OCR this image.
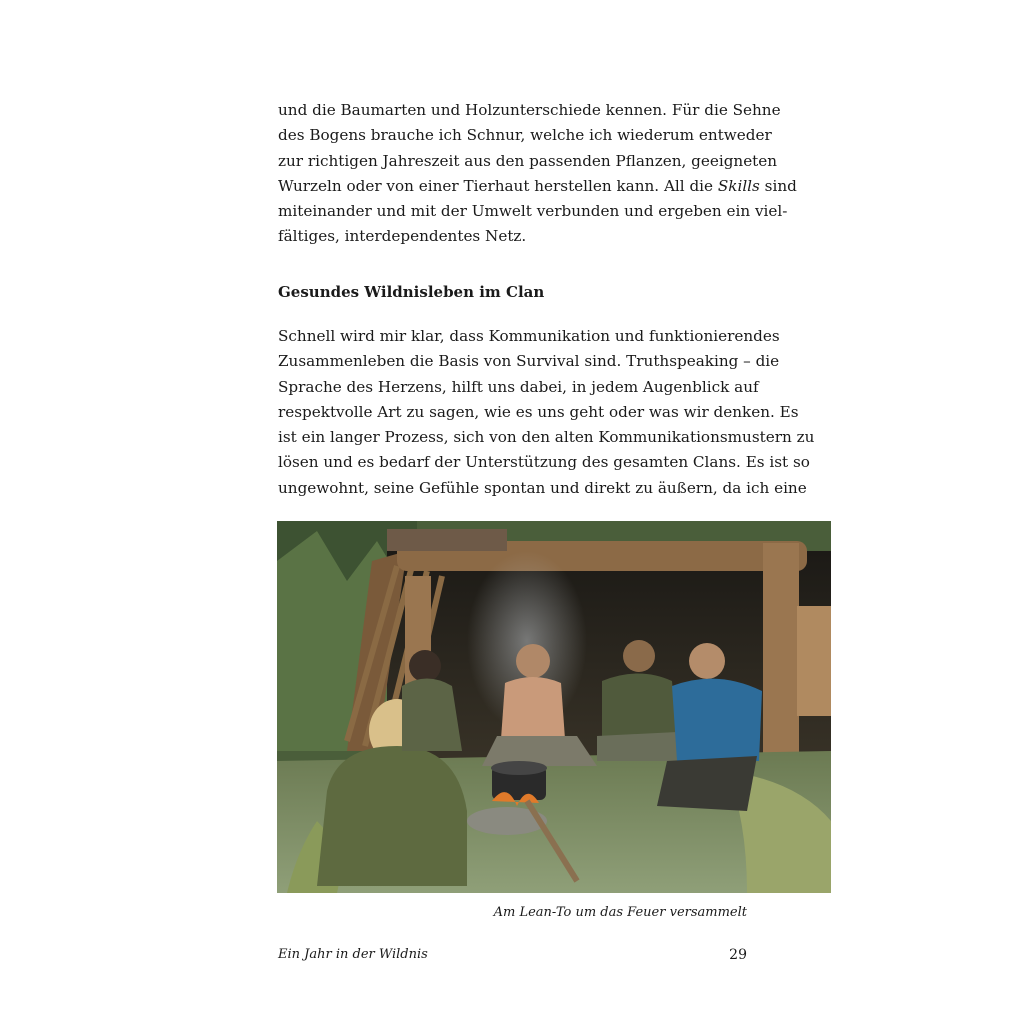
und die Baumarten und Holzunterschiede kennen. Für die Sehne
des Bogens brauche ich Schnur, welche ich wiederum entweder
zur richtigen Jahreszeit aus den passenden Pflanzen, geeigneten
Wurzeln oder von einer Tierhaut herstellen kann. All die Skills sind
miteinander und mit der Umwelt verbunden und ergeben ein viel-
fältiges, interdependentes Netz.

Gesundes Wildnisleben im Clan

Schnell wird mir klar, dass Kommunikation und funktionierendes
Zusammenleben die Basis von Survival sind. Truthspeaking – die
Sprache des Herzens, hilft uns dabei, in jedem Augenblick auf
respektvolle Art zu sagen, wie es uns geht oder was wir denken. Es
ist ein langer Prozess, sich von den alten Kommunikationsmustern zu
lösen und es bedarf der Unterstützung des gesamten Clans. Es ist so
ungewohnt, seine Gefühle spontan und direkt zu äußern, da ich eine

Am Lean-To um das Feuer versammelt
Ein Jahr in der Wildnis	29
